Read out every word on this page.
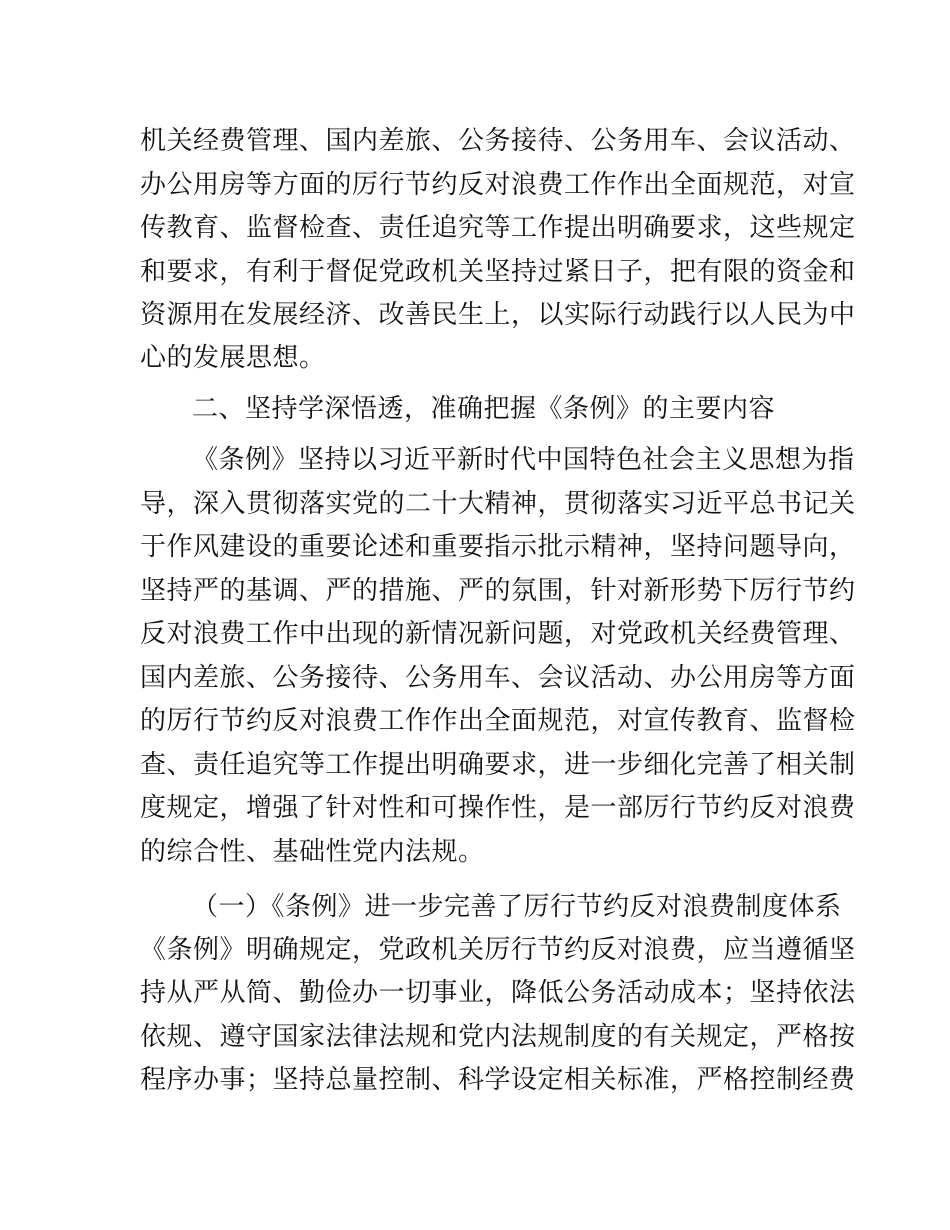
机关经费管理、国内差旅、公务接待、公务用车、会议活动、
办公用房等方面的厉行节约反对浪费工作作出全面规范，对宣
传教育、监督检查、责任追究等工作提出明确要求，这些规定
和要求，有利于督促党政机关坚持过紧日子，把有限的资金和
资源用在发展经济、改善民生上，以实际行动践行以人民为中
心的发展思想。
二、坚持学深悟透，准确把握《条例》的主要内容
《条例》坚持以习近平新时代中国特色社会主义思想为指
导，深入贯彻落实党的二十大精神，贯彻落实习近平总书记关
于作风建设的重要论述和重要指示批示精神，坚持问题导向，
坚持严的基调、严的措施、严的氛围，针对新形势下厉行节约
反对浪费工作中出现的新情况新问题，对党政机关经费管理、
国内差旅、公务接待、公务用车、会议活动、办公用房等方面
的厉行节约反对浪费工作作出全面规范，对宣传教育、监督检
查、责任追究等工作提出明确要求，进一步细化完善了相关制
度规定，增强了针对性和可操作性，是一部厉行节约反对浪费
的综合性、基础性党内法规。
（一）《条例》进一步完善了厉行节约反对浪费制度体系
《条例》明确规定，党政机关厉行节约反对浪费，应当遵循坚
持从严从简、勤俭办一切事业，降低公务活动成本；坚持依法
依规、遵守国家法律法规和党内法规制度的有关规定，严格按
程序办事；坚持总量控制、科学设定相关标准，严格控制经费
